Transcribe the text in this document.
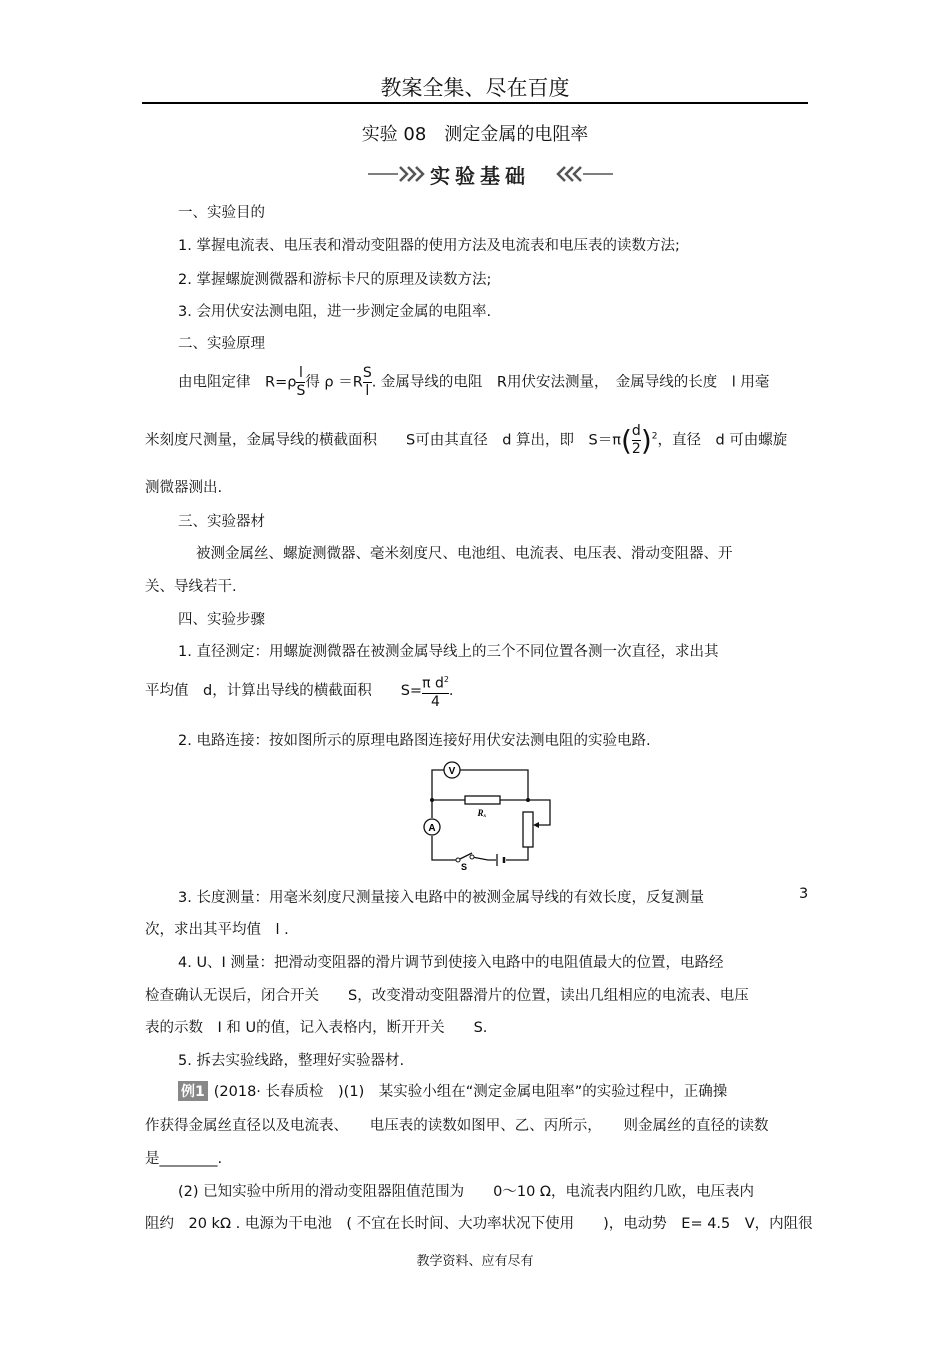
教案全集、尽在百度
实验 08　测定金属的电阻率
实验基础
一、实验目的
1. 掌握电流表、电压表和滑动变阻器的使用方法及电流表和电压表的读数方法;
2. 掌握螺旋测微器和游标卡尺的原理及读数方法;
3. 会用伏安法测电阻，进一步测定金属的电阻率.
二、实验原理
由电阻定律　$R=\rho \frac{l}{S}$ 得 $\rho =R \frac{S}{l}$ . 金属导线的电阻　R用伏安法测量，　金属导线的长度　l 用毫
米刻度尺测量，金属导线的横截面积　　S可由其直径　d 算出，即　$S=\pi( \frac{d}{2} )^2$，直径　d 可由螺旋
测微器测出.
三、实验器材
被测金属丝、螺旋测微器、毫米刻度尺、电池组、电流表、电压表、滑动变阻器、开
关、导线若干.
四、实验步骤
1. 直径测定：用螺旋测微器在被测金属导线上的三个不同位置各测一次直径，求出其
平均值　d，计算出导线的横截面积　　$S= \frac{\pi d^2}{4}$ .
2. 电路连接：按如图所示的原理电路图连接好用伏安法测电阻的实验电路.
V
A
Rₓ
S
3. 长度测量：用毫米刻度尺测量接入电路中的被测金属导线的有效长度，反复测量	3
次，求出其平均值　l .
4. U、I 测量：把滑动变阻器的滑片调节到使接入电路中的电阻值最大的位置，电路经
检查确认无误后，闭合开关　　S，改变滑动变阻器滑片的位置，读出几组相应的电流表、电压
表的示数　I 和 U的值，记入表格内，断开开关　　S.
5. 拆去实验线路，整理好实验器材.
例1 (2018· 长春质检　)(1)　某实验小组在“测定金属电阻率”的实验过程中，正确操
作获得金属丝直径以及电流表、　　电压表的读数如图甲、乙、丙所示，　　则金属丝的直径的读数
是________.
(2) 已知实验中所用的滑动变阻器阻值范围为　　0～10 Ω，电流表内阻约几欧，电压表内
阻约　20 kΩ . 电源为干电池　( 不宜在长时间、大功率状况下使用　　)，电动势　E= 4.5　V，内阻很
教学资料、应有尽有
